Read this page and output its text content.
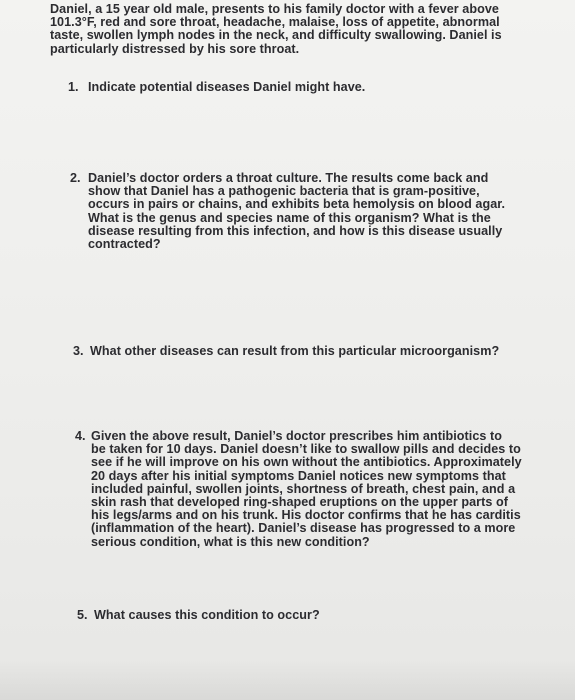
Daniel, a 15 year old male, presents to his family doctor with a fever above
101.3°F, red and sore throat, headache, malaise, loss of appetite, abnormal
taste, swollen lymph nodes in the neck, and difficulty swallowing. Daniel is
particularly distressed by his sore throat.
1. Indicate potential diseases Daniel might have.
2. Daniel’s doctor orders a throat culture. The results come back and
show that Daniel has a pathogenic bacteria that is gram-positive,
occurs in pairs or chains, and exhibits beta hemolysis on blood agar.
What is the genus and species name of this organism? What is the
disease resulting from this infection, and how is this disease usually
contracted?
3. What other diseases can result from this particular microorganism?
4. Given the above result, Daniel’s doctor prescribes him antibiotics to
be taken for 10 days. Daniel doesn’t like to swallow pills and decides to
see if he will improve on his own without the antibiotics. Approximately
20 days after his initial symptoms Daniel notices new symptoms that
included painful, swollen joints, shortness of breath, chest pain, and a
skin rash that developed ring-shaped eruptions on the upper parts of
his legs/arms and on his trunk. His doctor confirms that he has carditis
(inflammation of the heart). Daniel’s disease has progressed to a more
serious condition, what is this new condition?
5. What causes this condition to occur?
